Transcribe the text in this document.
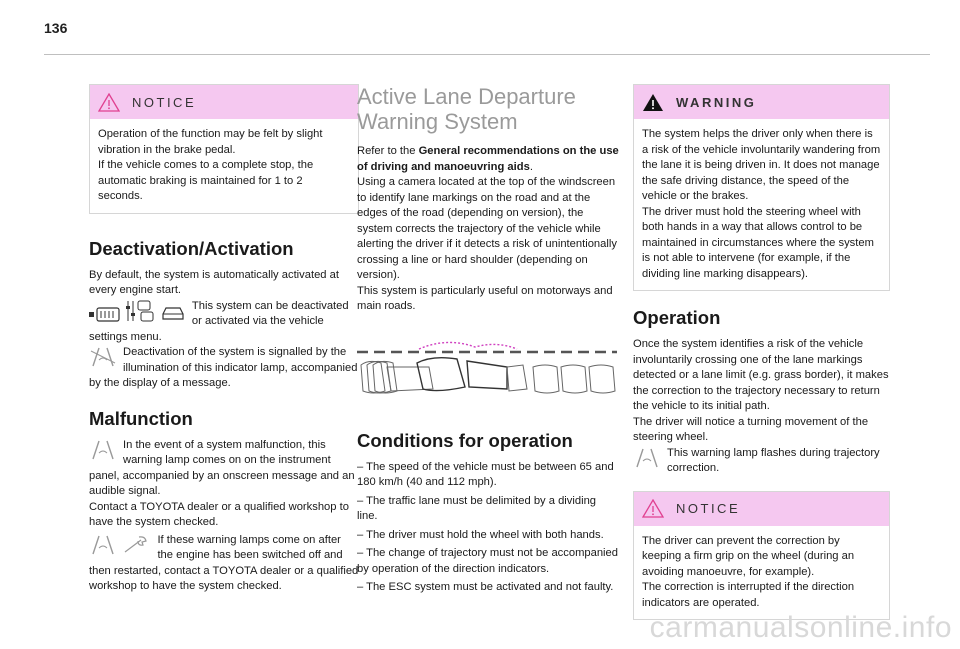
136
NOTICE
Operation of the function may be felt by slight vibration in the brake pedal.
If the vehicle comes to a complete stop, the automatic braking is maintained for 1 to 2 seconds.
Deactivation/Activation

By default, the system is automatically activated at every engine start.

This system can be deactivated or activated via the vehicle settings menu.

Deactivation of the system is signalled by the illumination of this indicator lamp, accompanied by the display of a message.

Malfunction

In the event of a system malfunction, this warning lamp comes on on the instrument panel, accompanied by an onscreen message and an audible signal.

Contact a TOYOTA dealer or a qualified workshop to have the system checked.

If these warning lamps come on after the engine has been switched off and then restarted, contact a TOYOTA dealer or a qualified workshop to have the system checked.

Active Lane Departure
Warning System

Refer to the General recommendations on the use of driving and manoeuvring aids.

Using a camera located at the top of the windscreen to identify lane markings on the road and at the edges of the road (depending on version), the system corrects the trajectory of the vehicle while alerting the driver if it detects a risk of unintentionally crossing a line or hard shoulder (depending on version).

This system is particularly useful on motorways and main roads.

Conditions for operation

– The speed of the vehicle must be between 65 and 180 km/h (40 and 112 mph).

– The traffic lane must be delimited by a dividing line.

– The driver must hold the wheel with both hands.

– The change of trajectory must not be accompanied by operation of the direction indicators.

– The ESC system must be activated and not faulty.

WARNING

The system helps the driver only when there is a risk of the vehicle involuntarily wandering from the lane it is being driven in. It does not manage the safe driving distance, the speed of the vehicle or the brakes.

The driver must hold the steering wheel with both hands in a way that allows control to be maintained in circumstances where the system is not able to intervene (for example, if the dividing line marking disappears).

Operation

Once the system identifies a risk of the vehicle involuntarily crossing one of the lane markings detected or a lane limit (e.g. grass border), it makes the correction to the trajectory necessary to return the vehicle to its initial path.

The driver will notice a turning movement of the steering wheel.

This warning lamp flashes during trajectory correction.

NOTICE

The driver can prevent the correction by keeping a firm grip on the wheel (during an avoiding manoeuvre, for example).

The correction is interrupted if the direction indicators are operated.

carmanualsonline.info
